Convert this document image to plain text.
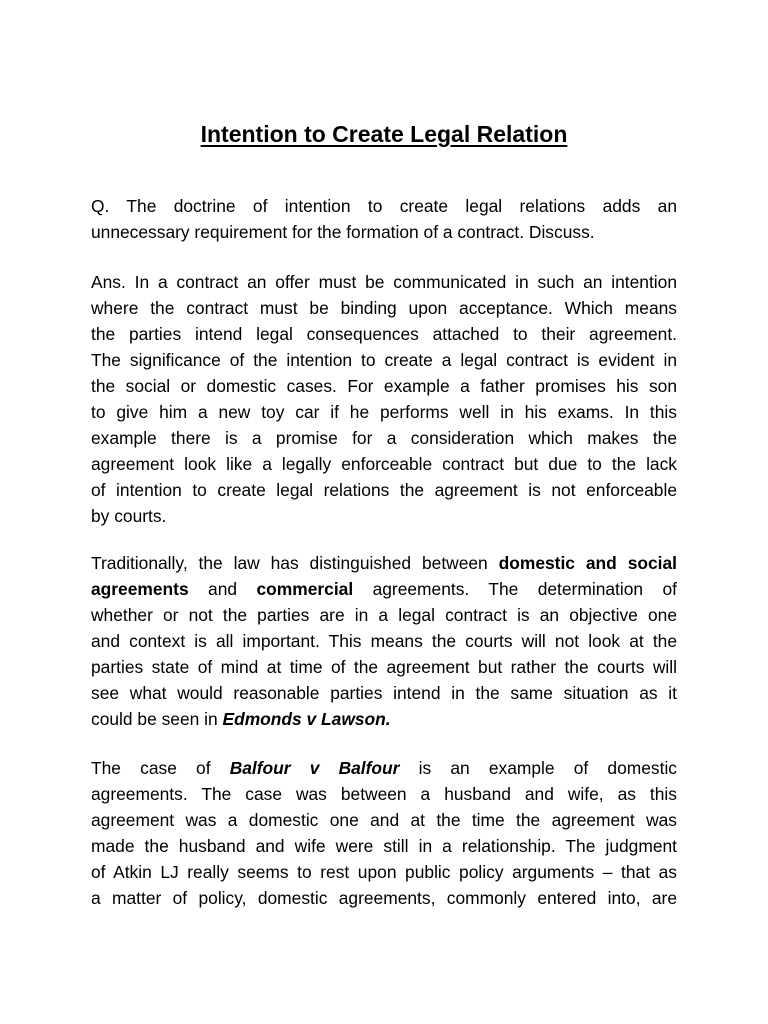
Intention to Create Legal Relation
Q. The doctrine of intention to create legal relations adds an
unnecessary requirement for the formation of a contract. Discuss.
Ans. In a contract an offer must be communicated in such an intention
where the contract must be binding upon acceptance. Which means
the parties intend legal consequences attached to their agreement.
The significance of the intention to create a legal contract is evident in
the social or domestic cases. For example a father promises his son
to give him a new toy car if he performs well in his exams. In this
example there is a promise for a consideration which makes the
agreement look like a legally enforceable contract but due to the lack
of intention to create legal relations the agreement is not enforceable
by courts.
Traditionally, the law has distinguished between domestic and social
agreements and commercial agreements. The determination of
whether or not the parties are in a legal contract is an objective one
and context is all important. This means the courts will not look at the
parties state of mind at time of the agreement but rather the courts will
see what would reasonable parties intend in the same situation as it
could be seen in Edmonds v Lawson.
The case of Balfour v Balfour is an example of domestic
agreements. The case was between a husband and wife, as this
agreement was a domestic one and at the time the agreement was
made the husband and wife were still in a relationship. The judgment
of Atkin LJ really seems to rest upon public policy arguments – that as
a matter of policy, domestic agreements, commonly entered into, are
